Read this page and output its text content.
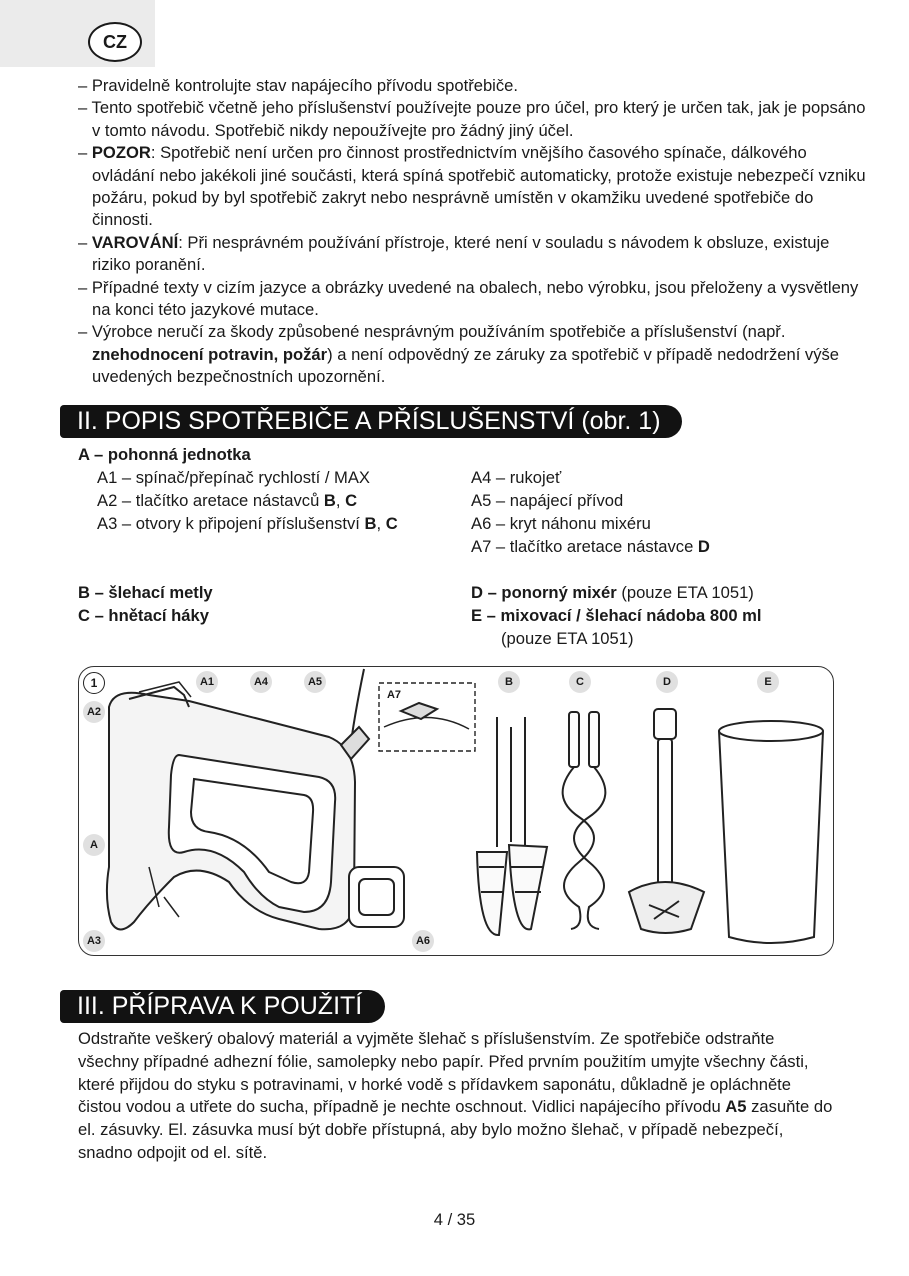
CZ

– Pravidelně kontrolujte stav napájecího přívodu spotřebiče.

– Tento spotřebič včetně jeho příslušenství používejte pouze pro účel, pro který je určen tak, jak je popsáno v tomto návodu. Spotřebič nikdy nepoužívejte pro žádný jiný účel.

– POZOR: Spotřebič není určen pro činnost prostřednictvím vnějšího časového spínače, dálkového ovládání nebo jakékoli jiné součásti, která spíná spotřebič automaticky, protože existuje nebezpečí vzniku požáru, pokud by byl spotřebič zakryt nebo nesprávně umístěn v okamžiku uvedené spotřebiče do činnosti.

– VAROVÁNÍ: Při nesprávném používání přístroje, které není v souladu s návodem k obsluze, existuje riziko poranění.

– Případné texty v cizím jazyce a obrázky uvedené na obalech, nebo výrobku, jsou přeloženy a vysvětleny na konci této jazykové mutace.

– Výrobce neručí za škody způsobené nesprávným používáním spotřebiče a příslušenství (např. znehodnocení potravin, požár) a není odpovědný ze záruky za spotřebič v případě nedodržení výše uvedených bezpečnostních upozornění.

II. POPIS SPOTŘEBIČE A PŘÍSLUŠENSTVÍ (obr. 1)
A – pohonná jednotka
A1 – spínač/přepínač rychlostí / MAX
A2 – tlačítko aretace nástavců B, C
A3 – otvory k připojení příslušenství B, C
A4 – rukojeť
A5 – napájecí přívod
A6 – kryt náhonu mixéru
A7 – tlačítko aretace nástavce D
B – šlehací metly
C – hnětací háky
D – ponorný mixér (pouze ETA 1051)
E – mixovací / šlehací nádoba 800 ml
(pouze ETA 1051)
1	A1	A4	A5
A7
A2
A
A3	A6
B	C	D	E
III. PŘÍPRAVA K POUŽITÍ
Odstraňte veškerý obalový materiál a vyjměte šlehač s příslušenstvím. Ze spotřebiče odstraňte všechny případné adhezní fólie, samolepky nebo papír. Před prvním použitím umyjte všechny části, které přijdou do styku s potravinami, v horké vodě s přídavkem saponátu, důkladně je opláchněte čistou vodou a utřete do sucha, případně je nechte oschnout. Vidlici napájecího přívodu A5 zasuňte do el. zásuvky. El. zásuvka musí být dobře přístupná, aby bylo možno šlehač, v případě nebezpečí, snadno odpojit od el. sítě.
4 / 35
